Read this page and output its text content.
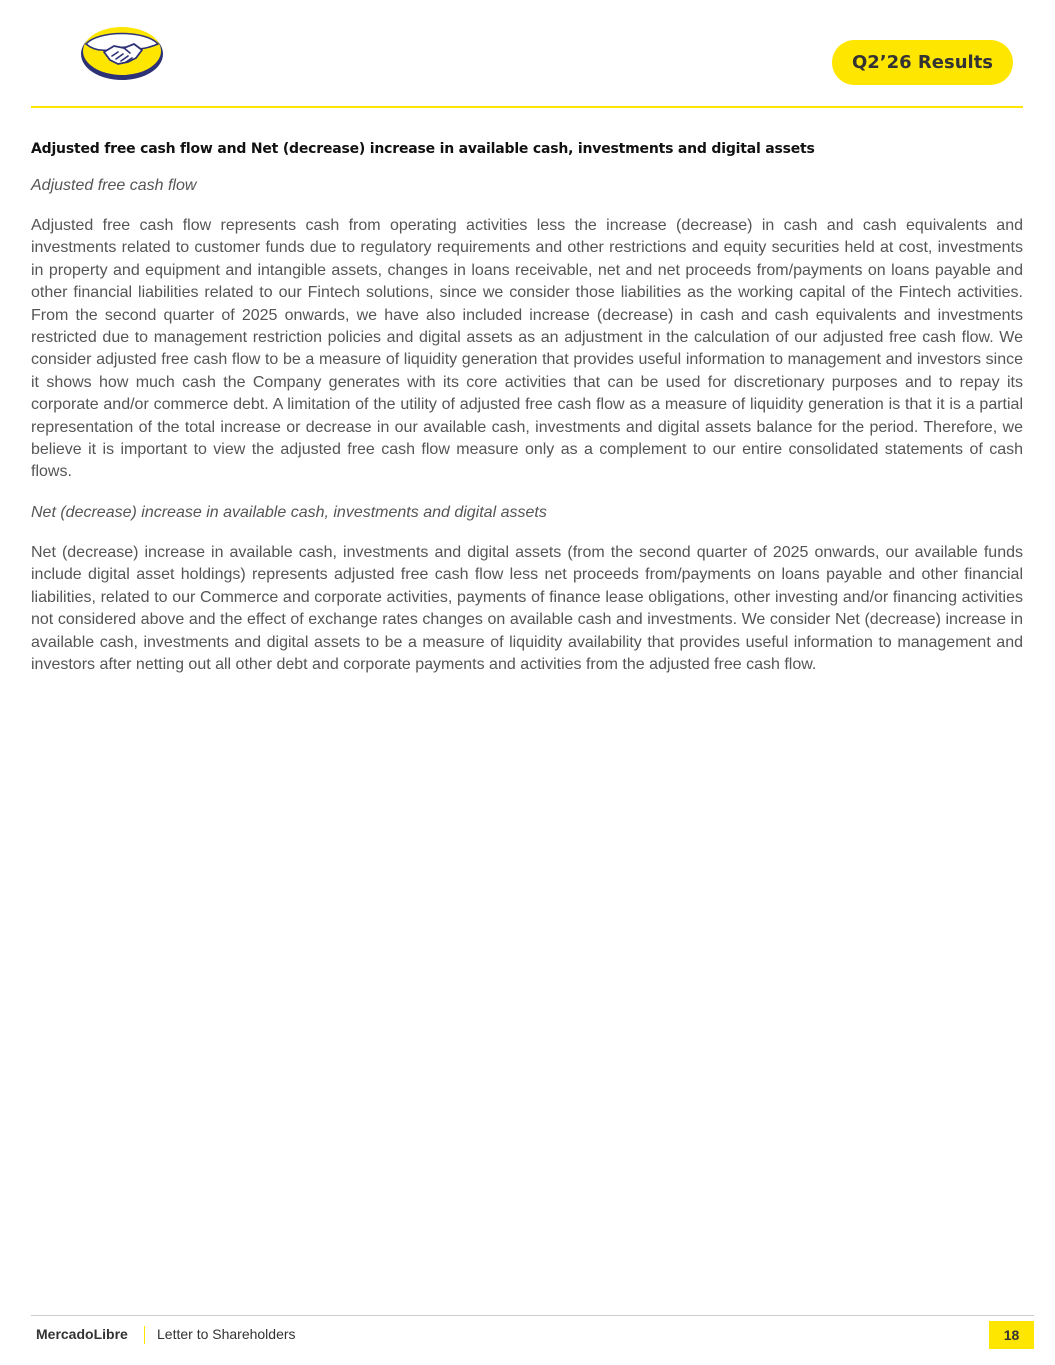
Q2’26 Results
Adjusted free cash flow and Net (decrease) increase in available cash, investments and digital assets
Adjusted free cash flow

Adjusted free cash flow represents cash from operating activities less the increase (decrease) in cash and cash equivalents and investments related to customer funds due to regulatory requirements and other restrictions and equity securities held at cost, investments in property and equipment and intangible assets, changes in loans receivable, net and net proceeds from/payments on loans payable and other financial liabilities related to our Fintech solutions, since we consider those liabilities as the working capital of the Fintech activities. From the second quarter of 2025 onwards, we have also included increase (decrease) in cash and cash equivalents and investments restricted due to management restriction policies and digital assets as an adjustment in the calculation of our adjusted free cash flow. We consider adjusted free cash flow to be a measure of liquidity generation that provides useful information to management and investors since it shows how much cash the Company generates with its core activities that can be used for discretionary purposes and to repay its corporate and/or commerce debt. A limitation of the utility of adjusted free cash flow as a measure of liquidity generation is that it is a partial representation of the total increase or decrease in our available cash, investments and digital assets balance for the period. Therefore, we believe it is important to view the adjusted free cash flow measure only as a complement to our entire consolidated statements of cash flows.

Net (decrease) increase in available cash, investments and digital assets

Net (decrease) increase in available cash, investments and digital assets (from the second quarter of 2025 onwards, our available funds include digital asset holdings) represents adjusted free cash flow less net proceeds from/payments on loans payable and other financial liabilities, related to our Commerce and corporate activities, payments of finance lease obligations, other investing and/or financing activities not considered above and the effect of exchange rates changes on available cash and investments. We consider Net (decrease) increase in available cash, investments and digital assets to be a measure of liquidity availability that provides useful information to management and investors after netting out all other debt and corporate payments and activities from the adjusted free cash flow.

MercadoLibre Letter to Shareholders	18
